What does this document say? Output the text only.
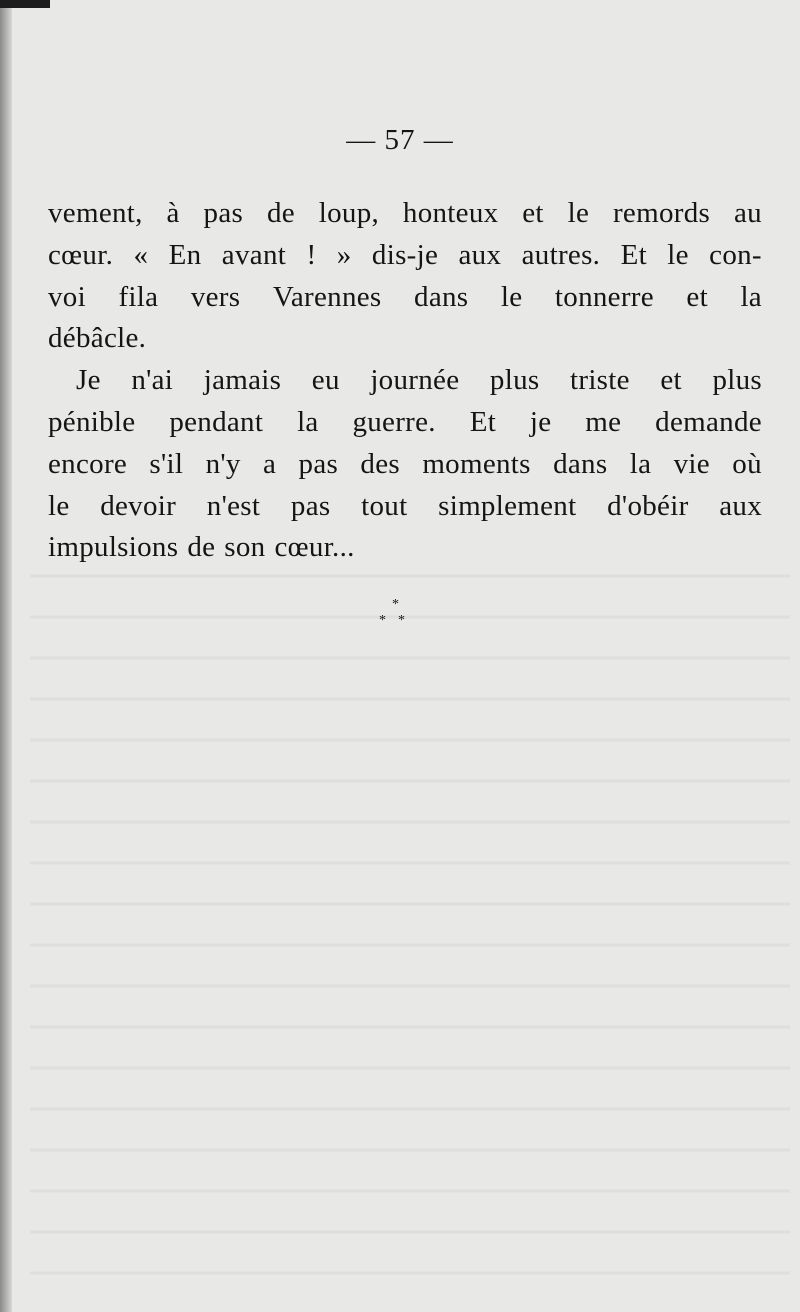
— 57 —
vement, à pas de loup, honteux et le remords au
cœur. « En avant ! » dis-je aux autres. Et le con-
voi fila vers Varennes dans le tonnerre et la
débâcle.
Je n'ai jamais eu journée plus triste et plus
pénible pendant la guerre. Et je me demande
encore s'il n'y a pas des moments dans la vie où
le devoir n'est pas tout simplement d'obéir aux
impulsions de son cœur...
*
* *
